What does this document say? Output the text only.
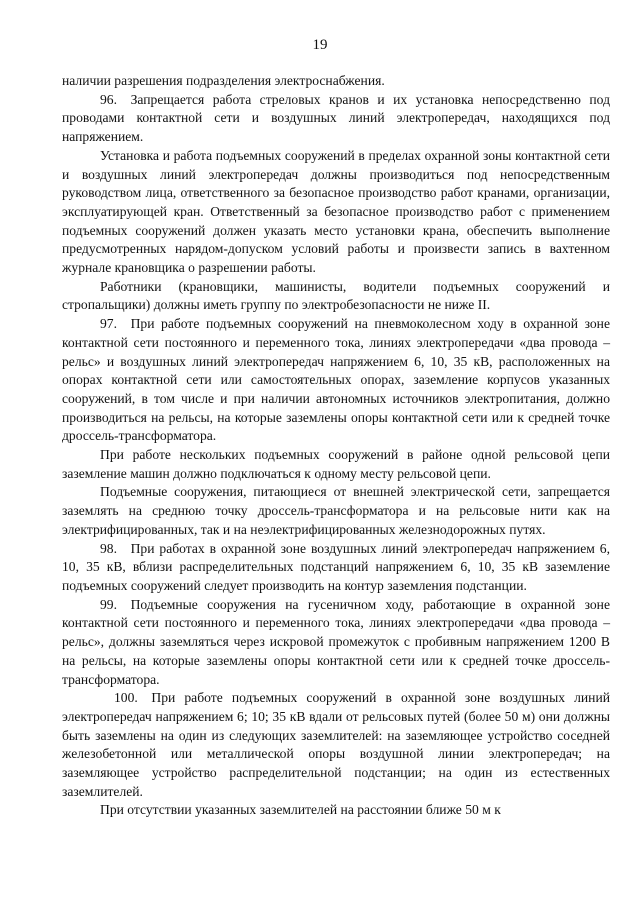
19

наличии разрешения подразделения электроснабжения.

96. Запрещается работа стреловых кранов и их установка непосредственно под проводами контактной сети и воздушных линий электропередач, находящихся под напряжением.

Установка и работа подъемных сооружений в пределах охранной зоны контактной сети и воздушных линий электропередач должны производиться под непосредственным руководством лица, ответственного за безопасное производство работ кранами, организации, эксплуатирующей кран. Ответственный за безопасное производство работ с применением подъемных сооружений должен указать место установки крана, обеспечить выполнение предусмотренных нарядом-допуском условий работы и произвести запись в вахтенном журнале крановщика о разрешении работы.

Работники (крановщики, машинисты, водители подъемных сооружений и стропальщики) должны иметь группу по электробезопасности не ниже II.

97. При работе подъемных сооружений на пневмоколесном ходу в охранной зоне контактной сети постоянного и переменного тока, линиях электропередачи «два провода – рельс» и воздушных линий электропередач напряжением 6, 10, 35 кВ, расположенных на опорах контактной сети или самостоятельных опорах, заземление корпусов указанных сооружений, в том числе и при наличии автономных источников электропитания, должно производиться на рельсы, на которые заземлены опоры контактной сети или к средней точке дроссель-трансформатора.

При работе нескольких подъемных сооружений в районе одной рельсовой цепи заземление машин должно подключаться к одному месту рельсовой цепи.

Подъемные сооружения, питающиеся от внешней электрической сети, запрещается заземлять на среднюю точку дроссель-трансформатора и на рельсовые нити как на электрифицированных, так и на неэлектрифицированных железнодорожных путях.

98. При работах в охранной зоне воздушных линий электропередач напряжением 6, 10, 35 кВ, вблизи распределительных подстанций напряжением 6, 10, 35 кВ заземление подъемных сооружений следует производить на контур заземления подстанции.

99. Подъемные сооружения на гусеничном ходу, работающие в охранной зоне контактной сети постоянного и переменного тока, линиях электропередачи «два провода – рельс», должны заземляться через искровой промежуток с пробивным напряжением 1200 В на рельсы, на которые заземлены опоры контактной сети или к средней точке дроссель-трансформатора.

100. При работе подъемных сооружений в охранной зоне воздушных линий электропередач напряжением 6; 10; 35 кВ вдали от рельсовых путей (более 50 м) они должны быть заземлены на один из следующих заземлителей: на заземляющее устройство соседней железобетонной или металлической опоры воздушной линии электропередач; на заземляющее устройство распределительной подстанции; на один из естественных заземлителей.

При отсутствии указанных заземлителей на расстоянии ближе 50 м к
